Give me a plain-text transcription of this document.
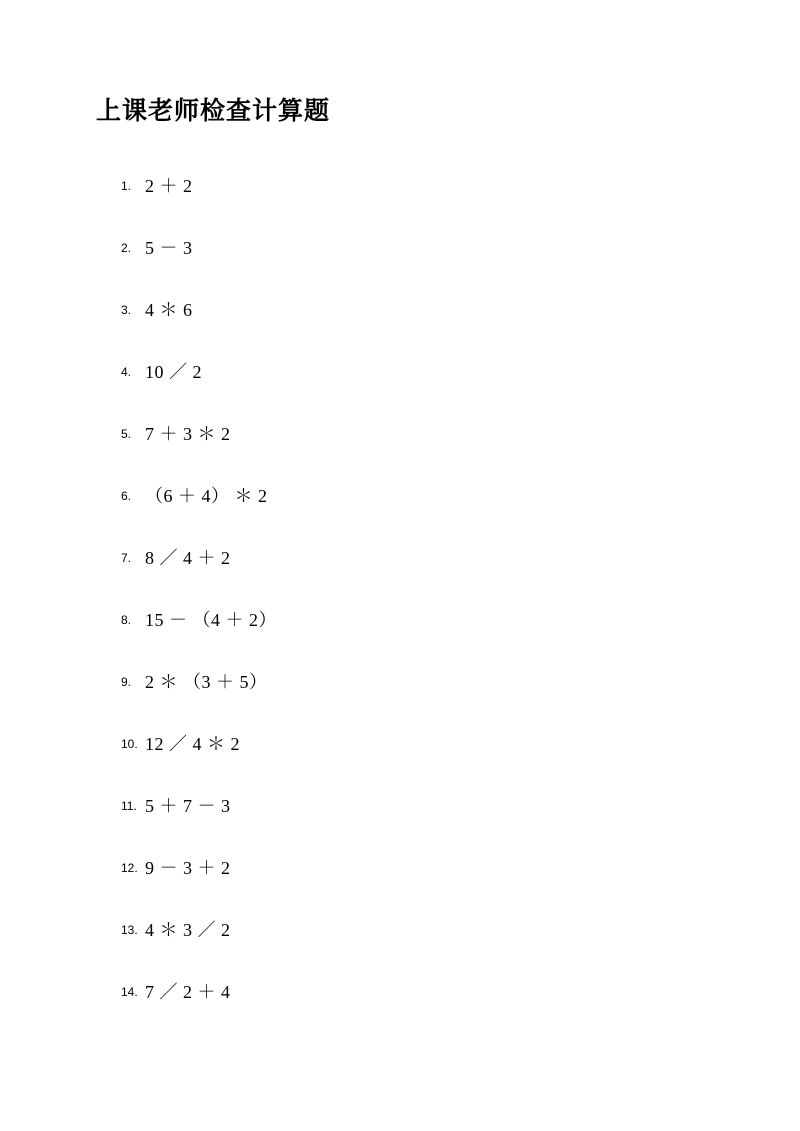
上课老师检查计算题
1. 2 ＋ 2
2. 5 － 3
3. 4 ＊ 6
4. 10 ／ 2
5. 7 ＋ 3 ＊ 2
6. （6 ＋ 4） ＊ 2
7. 8 ／ 4 ＋ 2
8. 15 － （4 ＋ 2）
9. 2 ＊ （3 ＋ 5）
10. 12 ／ 4 ＊ 2
11. 5 ＋ 7 － 3
12. 9 － 3 ＋ 2
13. 4 ＊ 3 ／ 2
14. 7 ／ 2 ＋ 4
